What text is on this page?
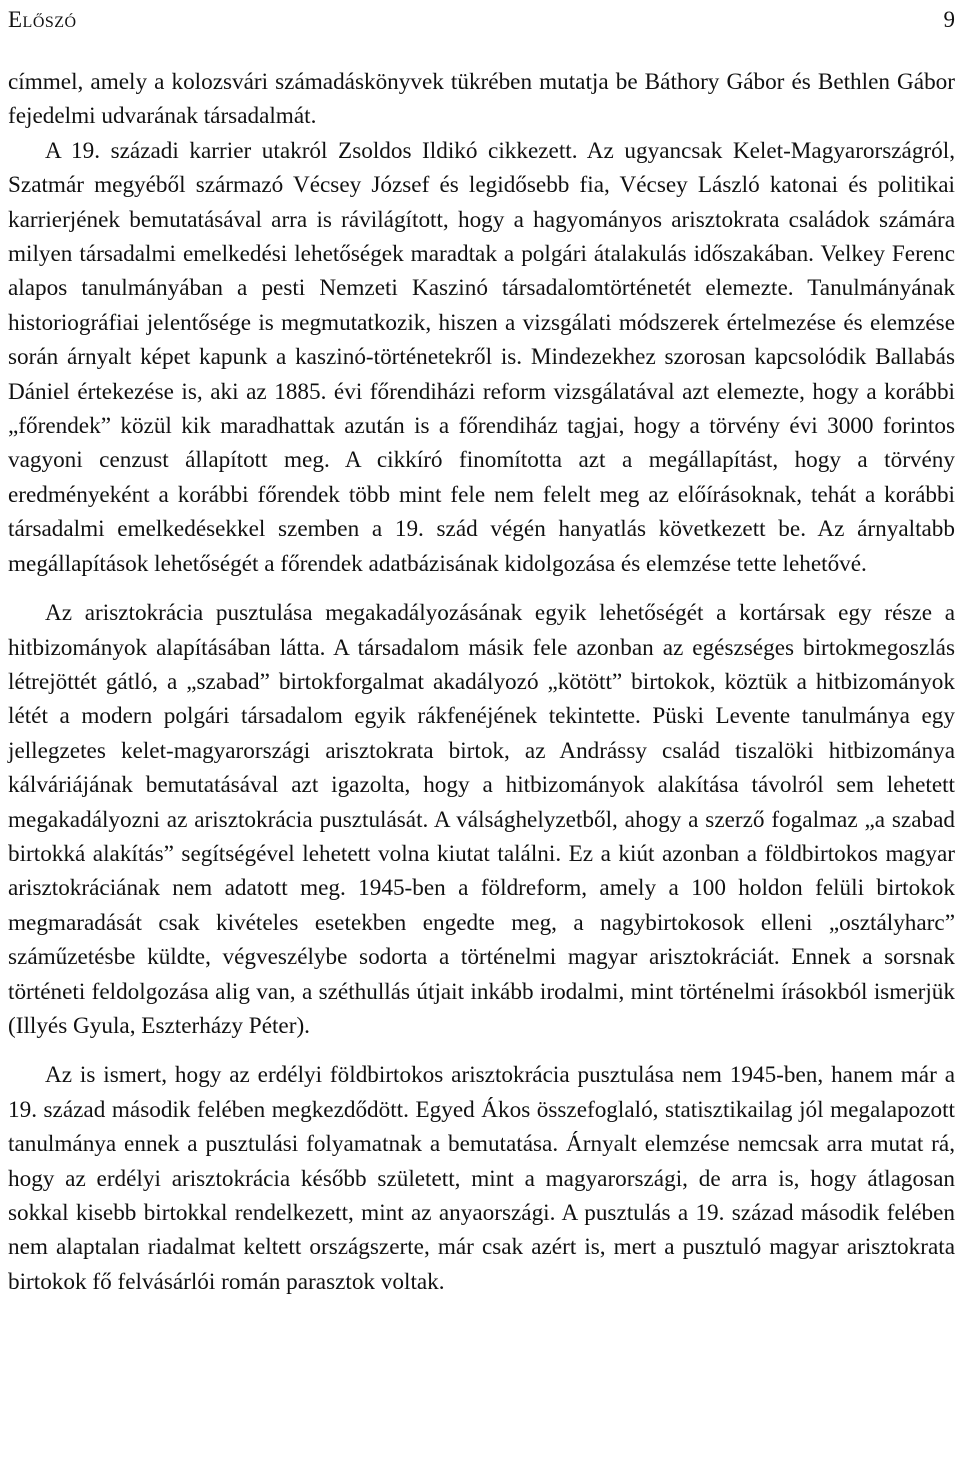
Előszó	9

címmel, amely a kolozsvári számadáskönyvek tükrében mutatja be Báthory Gábor és Bethlen Gábor fejedelmi udvarának társadalmát.

A 19. századi karrier utakról Zsoldos Ildikó cikkezett. Az ugyancsak Kelet-Magyarországról, Szatmár megyéből származó Vécsey József és legidősebb fia, Vécsey László katonai és politikai karrierjének bemutatásával arra is rávilágított, hogy a hagyományos arisztokrata családok számára milyen társadalmi emelkedési lehetőségek maradtak a polgári átalakulás időszakában. Velkey Ferenc alapos tanulmányában a pesti Nemzeti Kaszinó társadalomtörténetét elemezte. Tanulmányának historiográfiai jelentősége is megmutatkozik, hiszen a vizsgálati módszerek értelmezése és elemzése során árnyalt képet kapunk a kaszinó-történetekről is. Mindezekhez szorosan kapcsolódik Ballabás Dániel értekezése is, aki az 1885. évi főrendiházi reform vizsgálatával azt elemezte, hogy a korábbi „főrendek” közül kik maradhattak azután is a főrendiház tagjai, hogy a törvény évi 3000 forintos vagyoni cenzust állapított meg. A cikkíró finomította azt a megállapítást, hogy a törvény eredményeként a korábbi főrendek több mint fele nem felelt meg az előírásoknak, tehát a korábbi társadalmi emelkedésekkel szemben a 19. szád végén hanyatlás következett be. Az árnyaltabb megállapítások lehetőségét a főrendek adatbázisának kidolgozása és elemzése tette lehetővé.

Az arisztokrácia pusztulása megakadályozásának egyik lehetőségét a kortársak egy része a hitbizományok alapításában látta. A társadalom másik fele azonban az egészséges birtokmegoszlás létrejöttét gátló, a „szabad” birtokforgalmat akadályozó „kötött” birtokok, köztük a hitbizományok létét a modern polgári társadalom egyik rákfenéjének tekintette. Püski Levente tanulmánya egy jellegzetes kelet-magyarországi arisztokrata birtok, az Andrássy család tiszalöki hitbizománya kálváriájának bemutatásával azt igazolta, hogy a hitbizományok alakítása távolról sem lehetett megakadályozni az arisztokrácia pusztulását. A válsághelyzetből, ahogy a szerző fogalmaz „a szabad birtokká alakítás” segítségével lehetett volna kiutat találni. Ez a kiút azonban a földbirtokos magyar arisztokráciának nem adatott meg. 1945-ben a földreform, amely a 100 holdon felüli birtokok megmaradását csak kivételes esetekben engedte meg, a nagybirtokosok elleni „osztályharc” száműzetésbe küldte, végveszélybe sodorta a történelmi magyar arisztokráciát. Ennek a sorsnak történeti feldolgozása alig van, a széthullás útjait inkább irodalmi, mint történelmi írásokból ismerjük (Illyés Gyula, Eszterházy Péter).

Az is ismert, hogy az erdélyi földbirtokos arisztokrácia pusztulása nem 1945-ben, hanem már a 19. század második felében megkezdődött. Egyed Ákos összefoglaló, statisztikailag jól megalapozott tanulmánya ennek a pusztulási folyamatnak a bemutatása. Árnyalt elemzése nemcsak arra mutat rá, hogy az erdélyi arisztokrácia később született, mint a magyarországi, de arra is, hogy átlagosan sokkal kisebb birtokkal rendelkezett, mint az anyaországi. A pusztulás a 19. század második felében nem alaptalan riadalmat keltett országszerte, már csak azért is, mert a pusztuló magyar arisztokrata birtokok fő felvásárlói román parasztok voltak.
